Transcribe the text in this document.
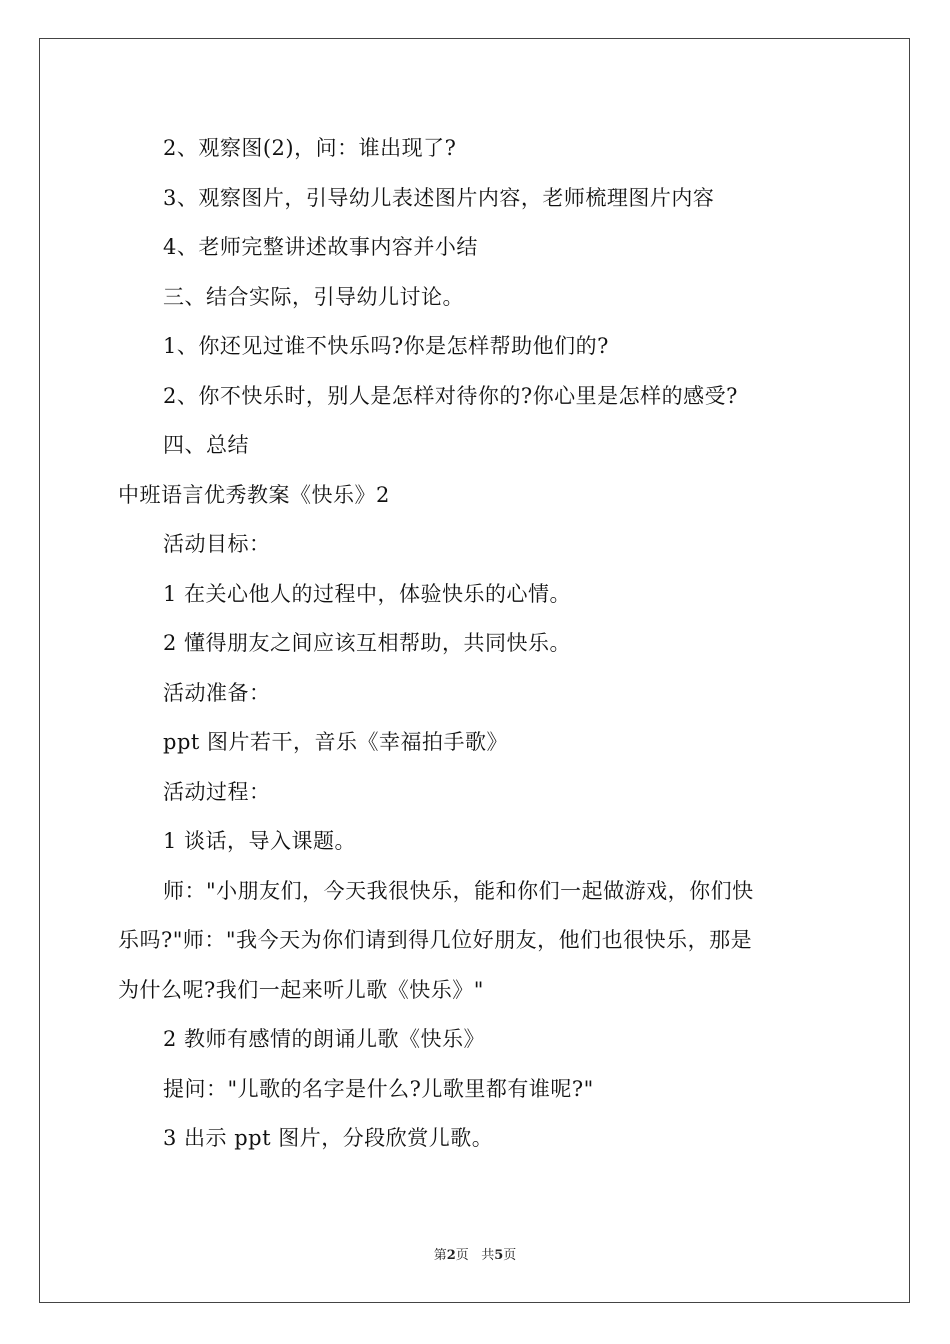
2、观察图(2)，问：谁出现了?
3、观察图片，引导幼儿表述图片内容，老师梳理图片内容
4、老师完整讲述故事内容并小结
三、结合实际，引导幼儿讨论。
1、你还见过谁不快乐吗?你是怎样帮助他们的?
2、你不快乐时，别人是怎样对待你的?你心里是怎样的感受?
四、总结
中班语言优秀教案《快乐》2
活动目标：
1 在关心他人的过程中，体验快乐的心情。
2 懂得朋友之间应该互相帮助，共同快乐。
活动准备：
ppt 图片若干，音乐《幸福拍手歌》
活动过程：
1 谈话，导入课题。
师："小朋友们，今天我很快乐，能和你们一起做游戏，你们快
乐吗?"师："我今天为你们请到得几位好朋友，他们也很快乐，那是
为什么呢?我们一起来听儿歌《快乐》"
2 教师有感情的朗诵儿歌《快乐》
提问："儿歌的名字是什么?儿歌里都有谁呢?"
3 出示 ppt 图片，分段欣赏儿歌。
第2页 共5页
